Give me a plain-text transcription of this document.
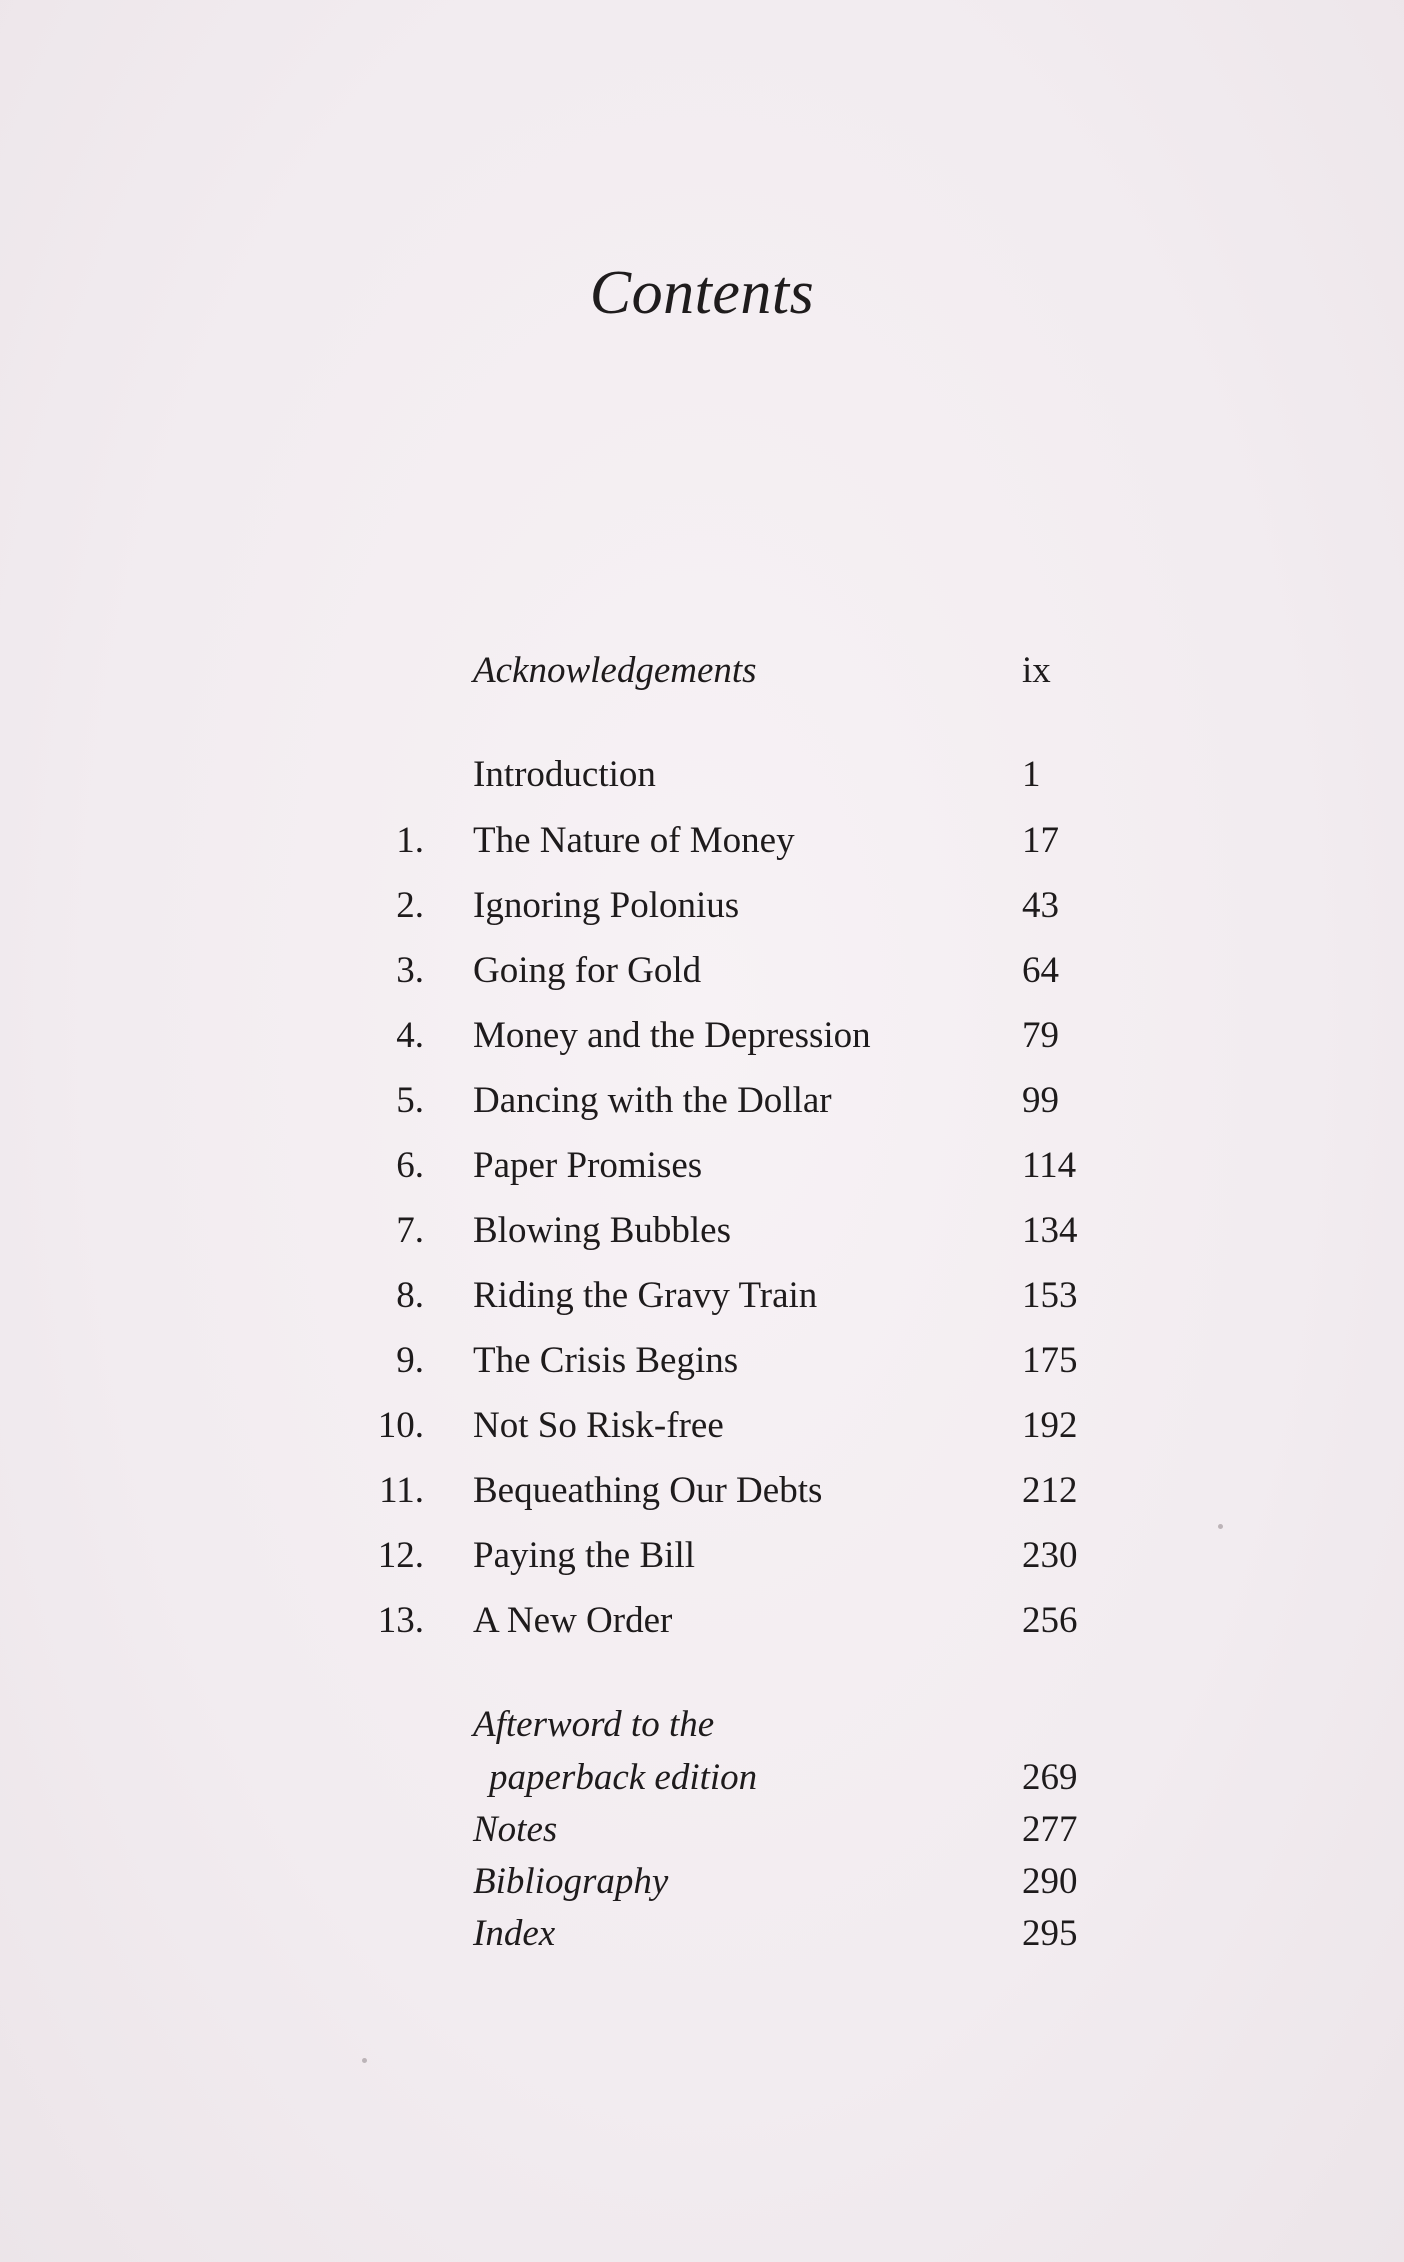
Contents
Acknowledgements	ix
Introduction	1
1. The Nature of Money	17
2. Ignoring Polonius	43
3. Going for Gold	64
4. Money and the Depression	79
5. Dancing with the Dollar	99
6. Paper Promises	114
7. Blowing Bubbles	134
8. Riding the Gravy Train	153
9. The Crisis Begins	175
10. Not So Risk-free	192
11. Bequeathing Our Debts	212
12. Paying the Bill	230
13. A New Order	256
Afterword to the
paperback edition	269
Notes	277
Bibliography	290
Index	295
